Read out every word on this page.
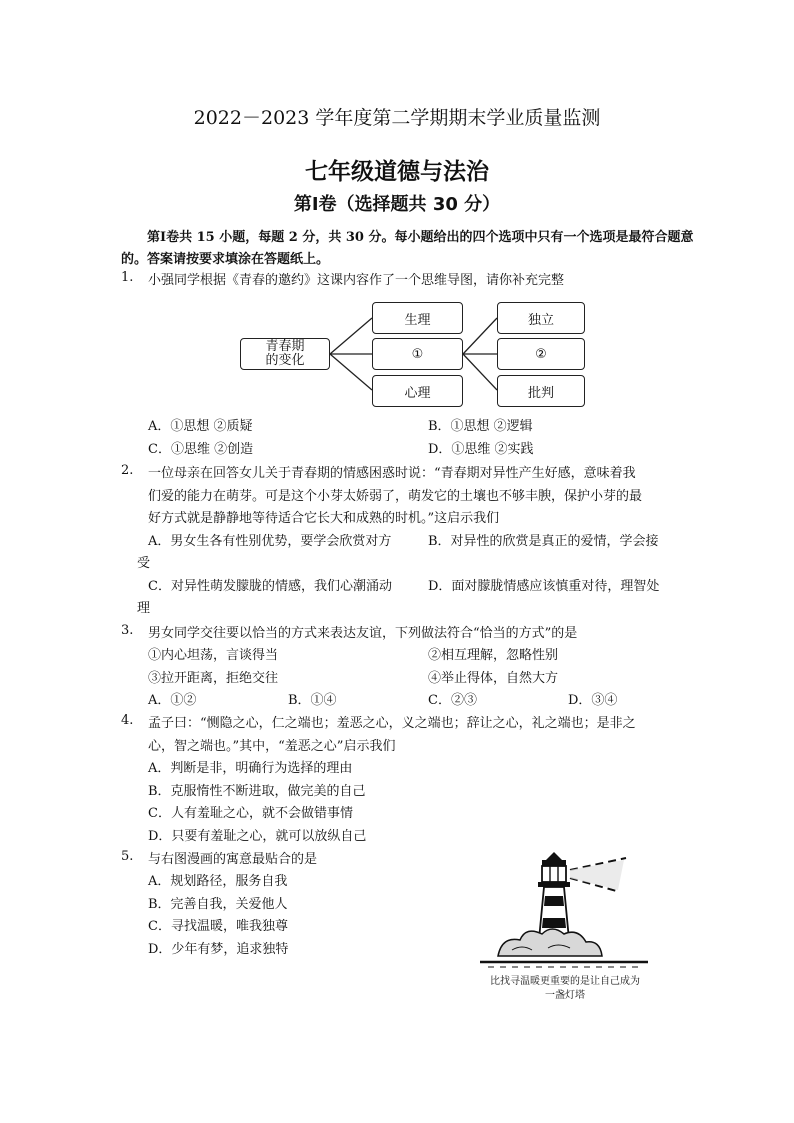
2022－2023 学年度第二学期期末学业质量监测
七年级道德与法治
第Ⅰ卷（选择题共 30 分）
第Ⅰ卷共 15 小题，每题 2 分，共 30 分。每小题给出的四个选项中只有一个选项是最符合题意的。答案请按要求填涂在答题纸上。
1. 小强同学根据《青春的邀约》这课内容作了一个思维导图，请你补充完整
青春期
的变化
生理
①
心理
独立
②
批判
A．①思想 ②质疑	B．①思想 ②逻辑
C．①思维 ②创造	D．①思维 ②实践
2. 一位母亲在回答女儿关于青春期的情感困惑时说：“青春期对异性产生好感，意味着我
们爱的能力在萌芽。可是这个小芽太娇弱了，萌发它的土壤也不够丰腴，保护小芽的最
好方式就是静静地等待适合它长大和成熟的时机。”这启示我们
A．男女生各有性别优势，要学会欣赏对方	B．对异性的欣赏是真正的爱情，学会接
受
C．对异性萌发朦胧的情感，我们心潮涌动	D．面对朦胧情感应该慎重对待，理智处
理
3. 男女同学交往要以恰当的方式来表达友谊，下列做法符合“恰当的方式”的是
①内心坦荡，言谈得当	②相互理解，忽略性别
③拉开距离，拒绝交往	④举止得体，自然大方
A．①②	B．①④	C．②③	D．③④
4. 孟子曰：“恻隐之心，仁之端也；羞恶之心，义之端也；辞让之心，礼之端也；是非之
心，智之端也。”其中，“羞恶之心”启示我们
A．判断是非，明确行为选择的理由
B．克服惰性不断进取，做完美的自己
C．人有羞耻之心，就不会做错事情
D．只要有羞耻之心，就可以放纵自己
5. 与右图漫画的寓意最贴合的是
A．规划路径，服务自我
B．完善自我，关爱他人
C．寻找温暖，唯我独尊
D．少年有梦，追求独特
比找寻温暖更重要的是让自己成为
一盏灯塔
